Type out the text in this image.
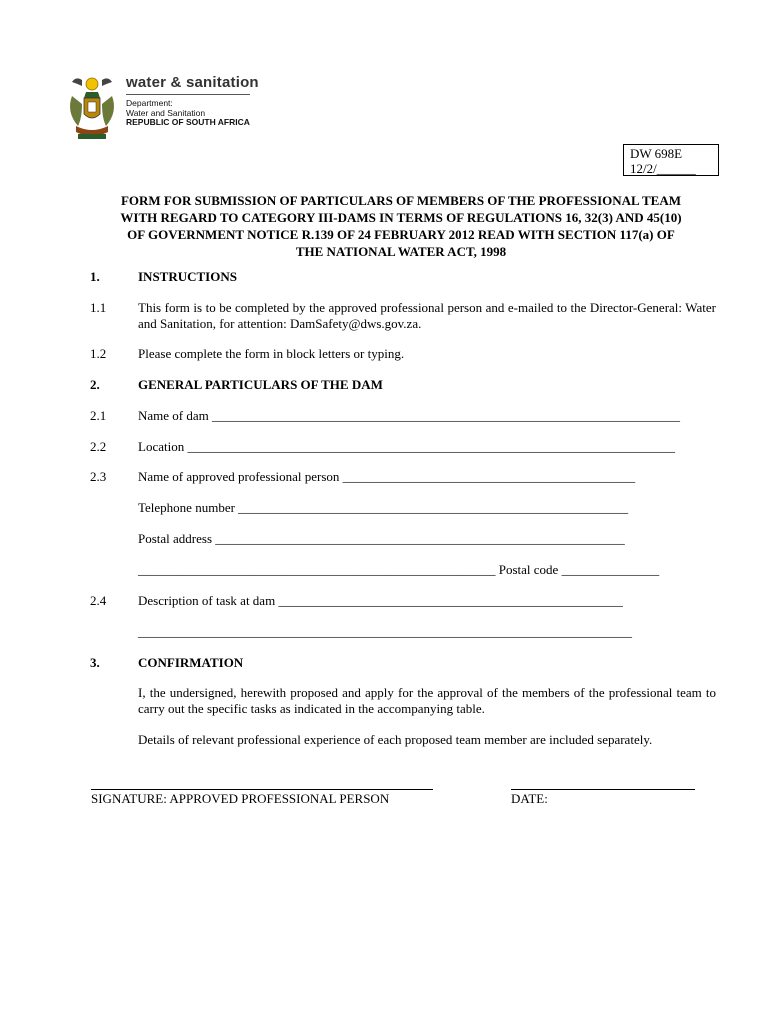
water & sanitation
Department:
Water and Sanitation
REPUBLIC OF SOUTH AFRICA
DW 698E
12/2/______
FORM FOR SUBMISSION OF PARTICULARS OF MEMBERS OF THE PROFESSIONAL TEAM
WITH REGARD TO CATEGORY III-DAMS IN TERMS OF REGULATIONS 16, 32(3) AND 45(10)
OF GOVERNMENT NOTICE R.139 OF 24 FEBRUARY 2012 READ WITH SECTION 117(a) OF
THE NATIONAL WATER ACT, 1998
1.	INSTRUCTIONS
1.1 This form is to be completed by the approved professional person and e-mailed to the Director-General: Water and Sanitation, for attention: DamSafety@dws.gov.za.
1.2 Please complete the form in block letters or typing.
2.	GENERAL PARTICULARS OF THE DAM
2.1 Name of dam ________________________________________________________________________
2.2 Location ___________________________________________________________________________
2.3 Name of approved professional person _____________________________________________
Telephone number ____________________________________________________________
Postal address _______________________________________________________________
_______________________________________________________ Postal code _______________
2.4 Description of task at dam _____________________________________________________
____________________________________________________________________________
3.	CONFIRMATION
I, the undersigned, herewith proposed and apply for the approval of the members of the professional team to carry out the specific tasks as indicated in the accompanying table.
Details of relevant professional experience of each proposed team member are included separately.
SIGNATURE: APPROVED PROFESSIONAL PERSON	DATE:
